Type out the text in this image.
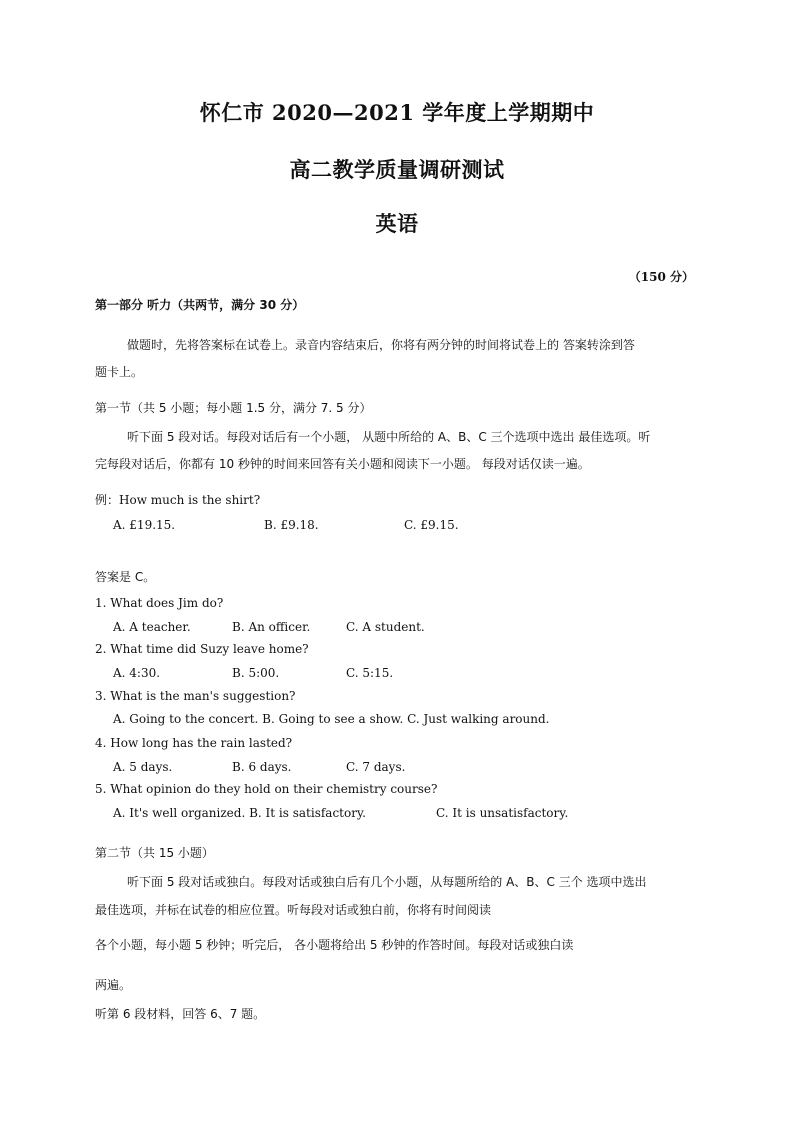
怀仁市 2020—2021 学年度上学期期中
高二教学质量调研测试
英语
（150 分）
第一部分 听力（共两节，满分 30 分）
做题时，先将答案标在试卷上。录音内容结束后，你将有两分钟的时间将试卷上的 答案转涂到答
题卡上。
第一节（共 5 小题；每小题 1.5 分，满分 7. 5 分）
听下面 5 段对话。每段对话后有一个小题， 从题中所给的 A、B、C 三个选项中选出 最佳选项。听
完每段对话后，你都有 10 秒钟的时间来回答有关小题和阅读下一小题。 每段对话仅读一遍。
例：How much is the shirt?
A. £19.15.	B. £9.18.	C. £9.15.
答案是 C。
1. What does Jim do?
A. A teacher.	B. An officer.	C. A student.
2. What time did Suzy leave home?
A. 4:30.	B. 5:00.	C. 5:15.
3. What is the man's suggestion?
A. Going to the concert. B. Going to see a show. C. Just walking around.
4. How long has the rain lasted?
A. 5 days.	B. 6 days.	C. 7 days.
5. What opinion do they hold on their chemistry course?
A. It's well organized. B. It is satisfactory.	C. It is unsatisfactory.
第二节（共 15 小题）
听下面 5 段对话或独白。每段对话或独白后有几个小题，从每题所给的 A、B、C 三个 选项中选出
最佳选项，并标在试卷的相应位置。听每段对话或独白前，你将有时间阅读
各个小题，每小题 5 秒钟；听完后， 各小题将给出 5 秒钟的作答时间。每段对话或独白读
两遍。
听第 6 段材料，回答 6、7 题。
